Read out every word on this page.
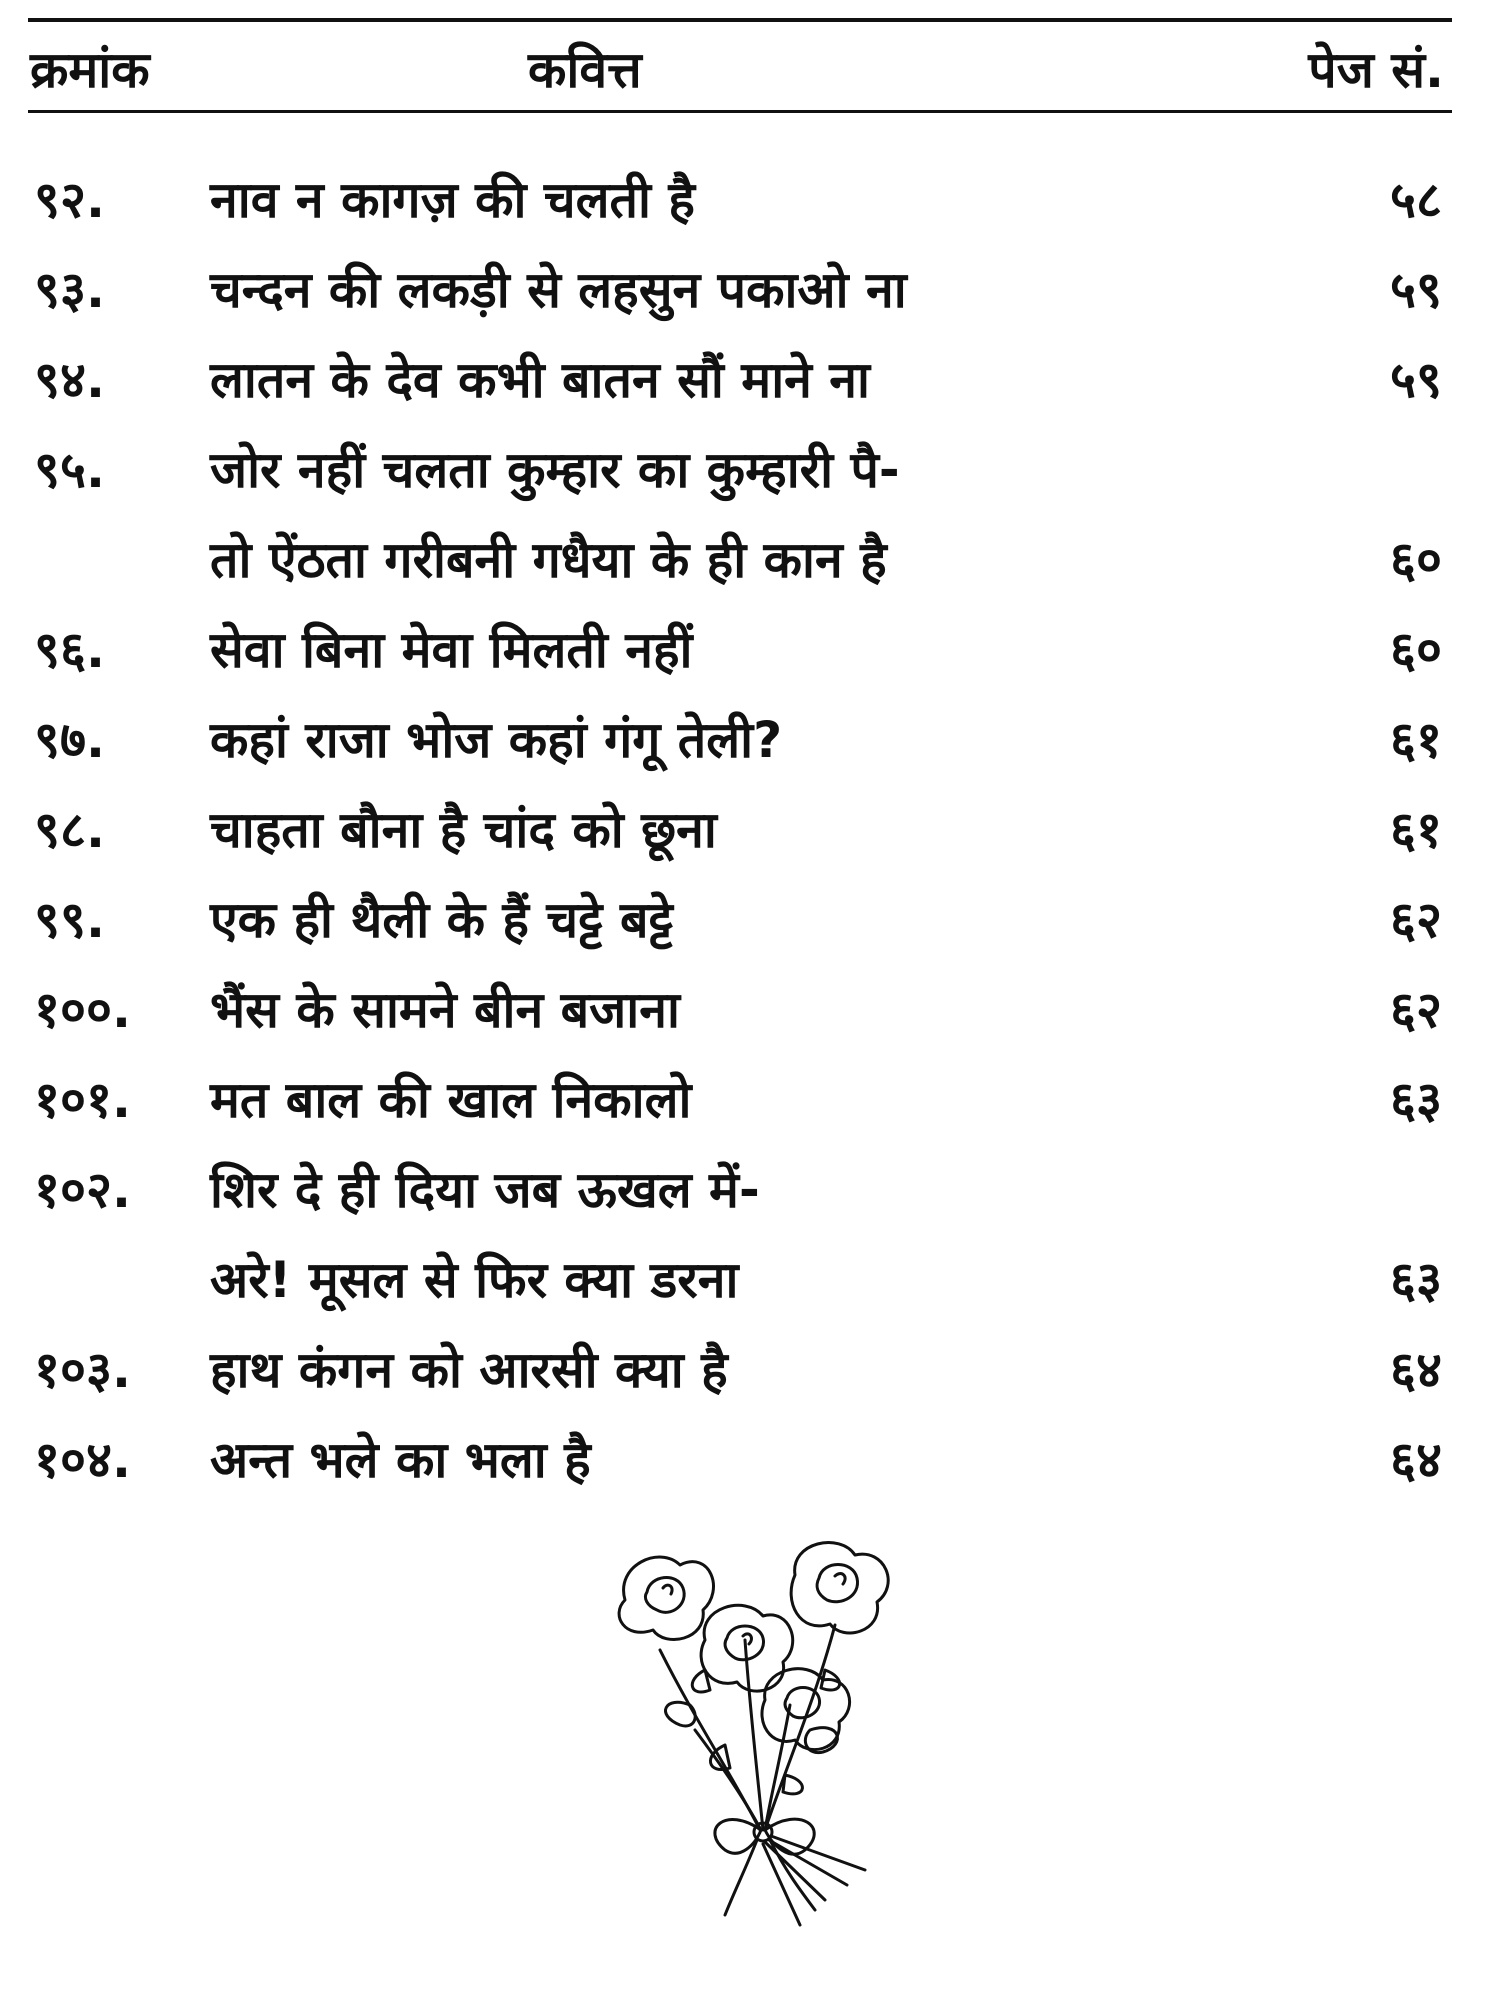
क्रमांक	कवित्त	पेज सं.
९२. नाव न कागज़ की चलती है	५८
९३. चन्दन की लकड़ी से लहसुन पकाओ ना	५९
९४. लातन के देव कभी बातन सौं माने ना	५९
९५. जोर नहीं चलता कुम्हार का कुम्हारी पै-
तो ऐंठता गरीबनी गधैया के ही कान है	६०
९६. सेवा बिना मेवा मिलती नहीं	६०
९७. कहां राजा भोज कहां गंगू तेली?	६१
९८. चाहता बौना है चांद को छूना	६१
९९. एक ही थैली के हैं चट्टे बट्टे	६२
१००. भैंस के सामने बीन बजाना	६२
१०१. मत बाल की खाल निकालो	६३
१०२. शिर दे ही दिया जब ऊखल में-
अरे! मूसल से फिर क्या डरना	६३
१०३. हाथ कंगन को आरसी क्या है	६४
१०४. अन्त भले का भला है	६४
